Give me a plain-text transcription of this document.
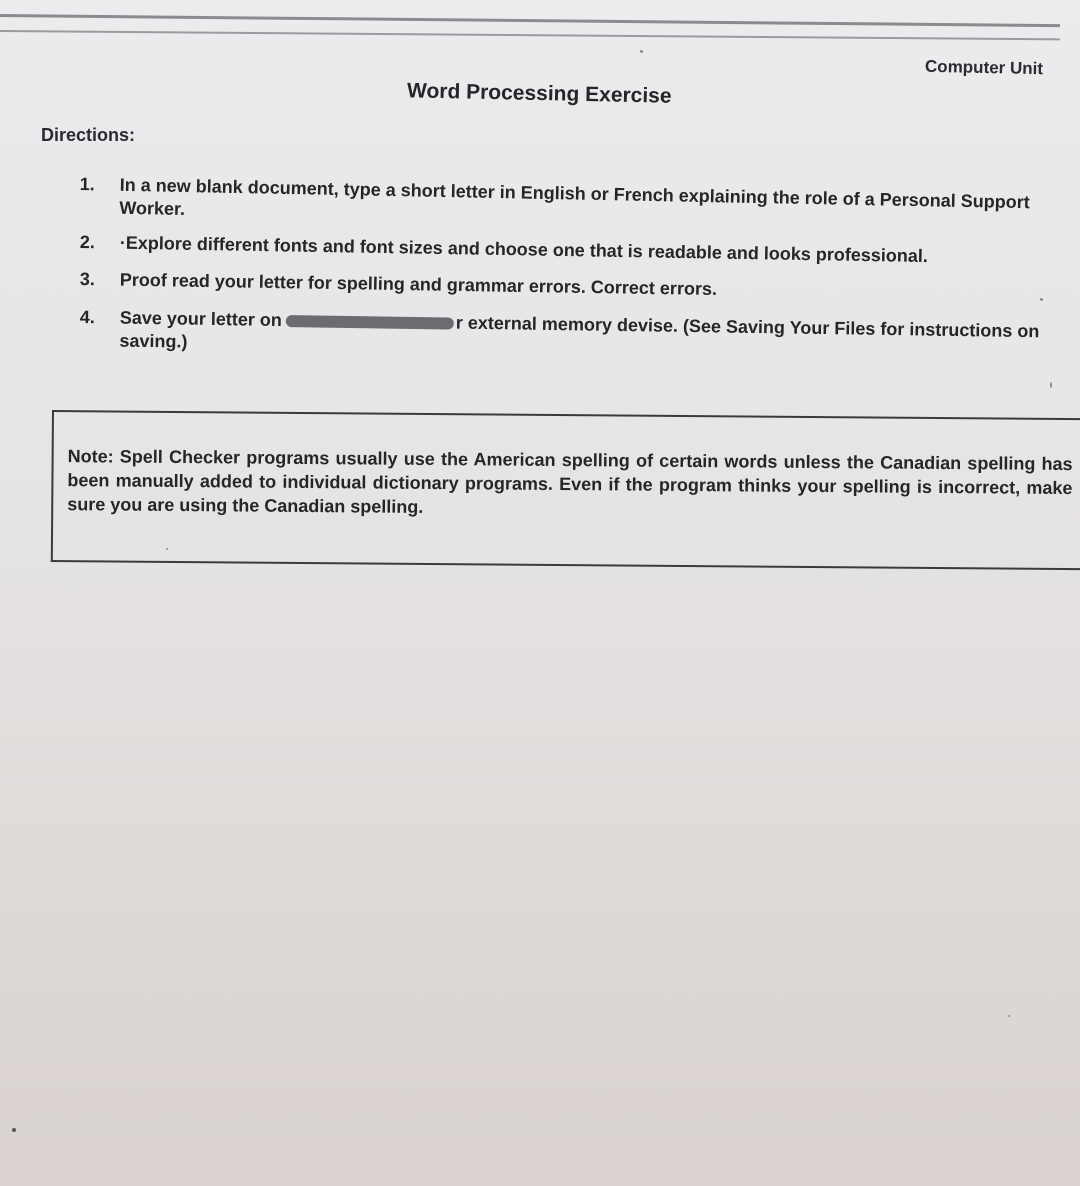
Computer Unit
Word Processing Exercise
Directions:
1.	In a new blank document, type a short letter in English or French explaining the role of a Personal Support Worker.
2.	·Explore different fonts and font sizes and choose one that is readable and looks professional.
3.	Proof read your letter for spelling and grammar errors. Correct errors.
4.	Save your letter on	r external memory devise. (See Saving Your Files for instructions on saving.)
Note: Spell Checker programs usually use the American spelling of certain words unless the Canadian spelling has been manually added to individual dictionary programs. Even if the program thinks your spelling is incorrect, make sure you are using the Canadian spelling.
